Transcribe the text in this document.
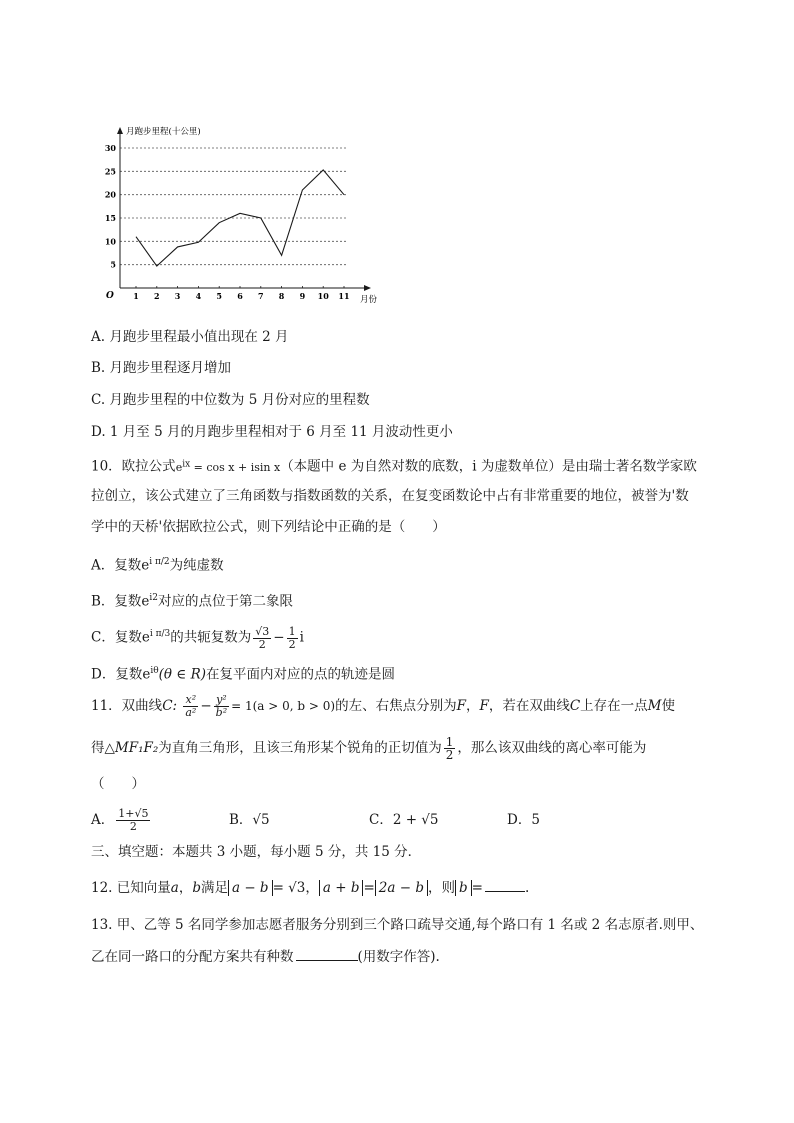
5
10
15
20
25
30
1 2 3 4 5 6 7 8 9 10 11
月跑步里程(十公里)
月份
O
A. 月跑步里程最小值出现在 2 月
B. 月跑步里程逐月增加
C. 月跑步里程的中位数为 5 月份对应的里程数
D. 1 月至 5 月的月跑步里程相对于 6 月至 11 月波动性更小
10．欧拉公式$e^{ix} = \cos x + isin$ x（本题中 e 为自然对数的底数，i 为虚数单位）是由瑞士著名数学家欧
拉创立，该公式建立了三角函数与指数函数的关系，在复变函数论中占有非常重要的地位，被誉为'数
学中的天桥'依据欧拉公式，则下列结论中正确的是（　　）
A．复数$e^{i \pi/2}$为纯虚数
B．复数$e^{i2}$对应的点位于第二象限
C．复数$e^{i \pi/3}$的共轭复数为 $\frac{√3}{2} - \frac{1}{2}$ i
D．复数$e^{i\theta}(\theta$ ∈ R)在复平面内对应的点的轨迹是圆
11．双曲线C: $\frac{\text{x²}}{\text{a²}} - \frac{\text{y²}}{\text{b²}} = 1(a > 0$, b > 0)的左、右焦点分别为F，F，若在双曲线C上存在一点M使
得△MF₁F₂为直角三角形，且该三角形某个锐角的正切值为 $\frac{1}{2}$ ，那么该双曲线的离心率可能为
（　　）
A． $\frac{1+√5}{2}$	B．√5	C．2 + √5	D．5
三、填空题：本题共 3 小题，每小题 5 分，共 15 分．
12. 已知向量a，b满足 a − b = √3， a + b = 2a − b ，则 b =	.
13. 甲、乙等 5 名同学参加志愿者服务分别到三个路口疏导交通,每个路口有 1 名或 2 名志原者.则甲、
乙在同一路口的分配方案共有种数	(用数字作答).
